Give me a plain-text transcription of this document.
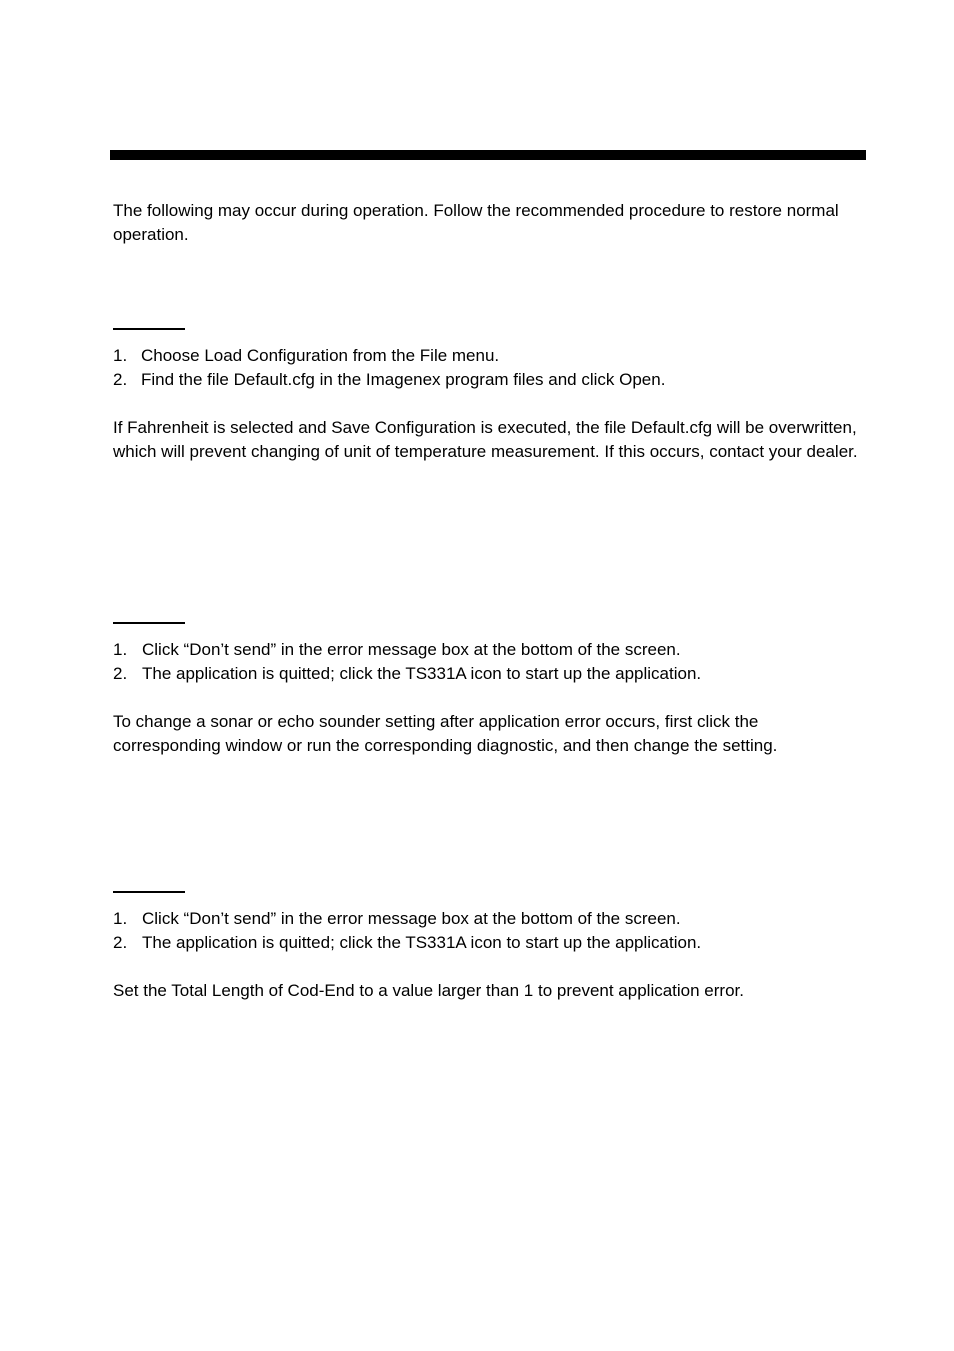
The following may occur during operation. Follow the recommended procedure to restore normal operation.

1. Choose Load Configuration from the File menu.
2. Find the file Default.cfg in the Imagenex program files and click Open.

If Fahrenheit is selected and Save Configuration is executed, the file Default.cfg will be overwritten, which will prevent changing of unit of temperature measurement. If this occurs, contact your dealer.

1. Click “Don’t send” in the error message box at the bottom of the screen.
2. The application is quitted; click the TS331A icon to start up the application.

To change a sonar or echo sounder setting after application error occurs, first click the corresponding window or run the corresponding diagnostic, and then change the setting.

1. Click “Don’t send” in the error message box at the bottom of the screen.
2. The application is quitted; click the TS331A icon to start up the application.

Set the Total Length of Cod-End to a value larger than 1 to prevent application error.
